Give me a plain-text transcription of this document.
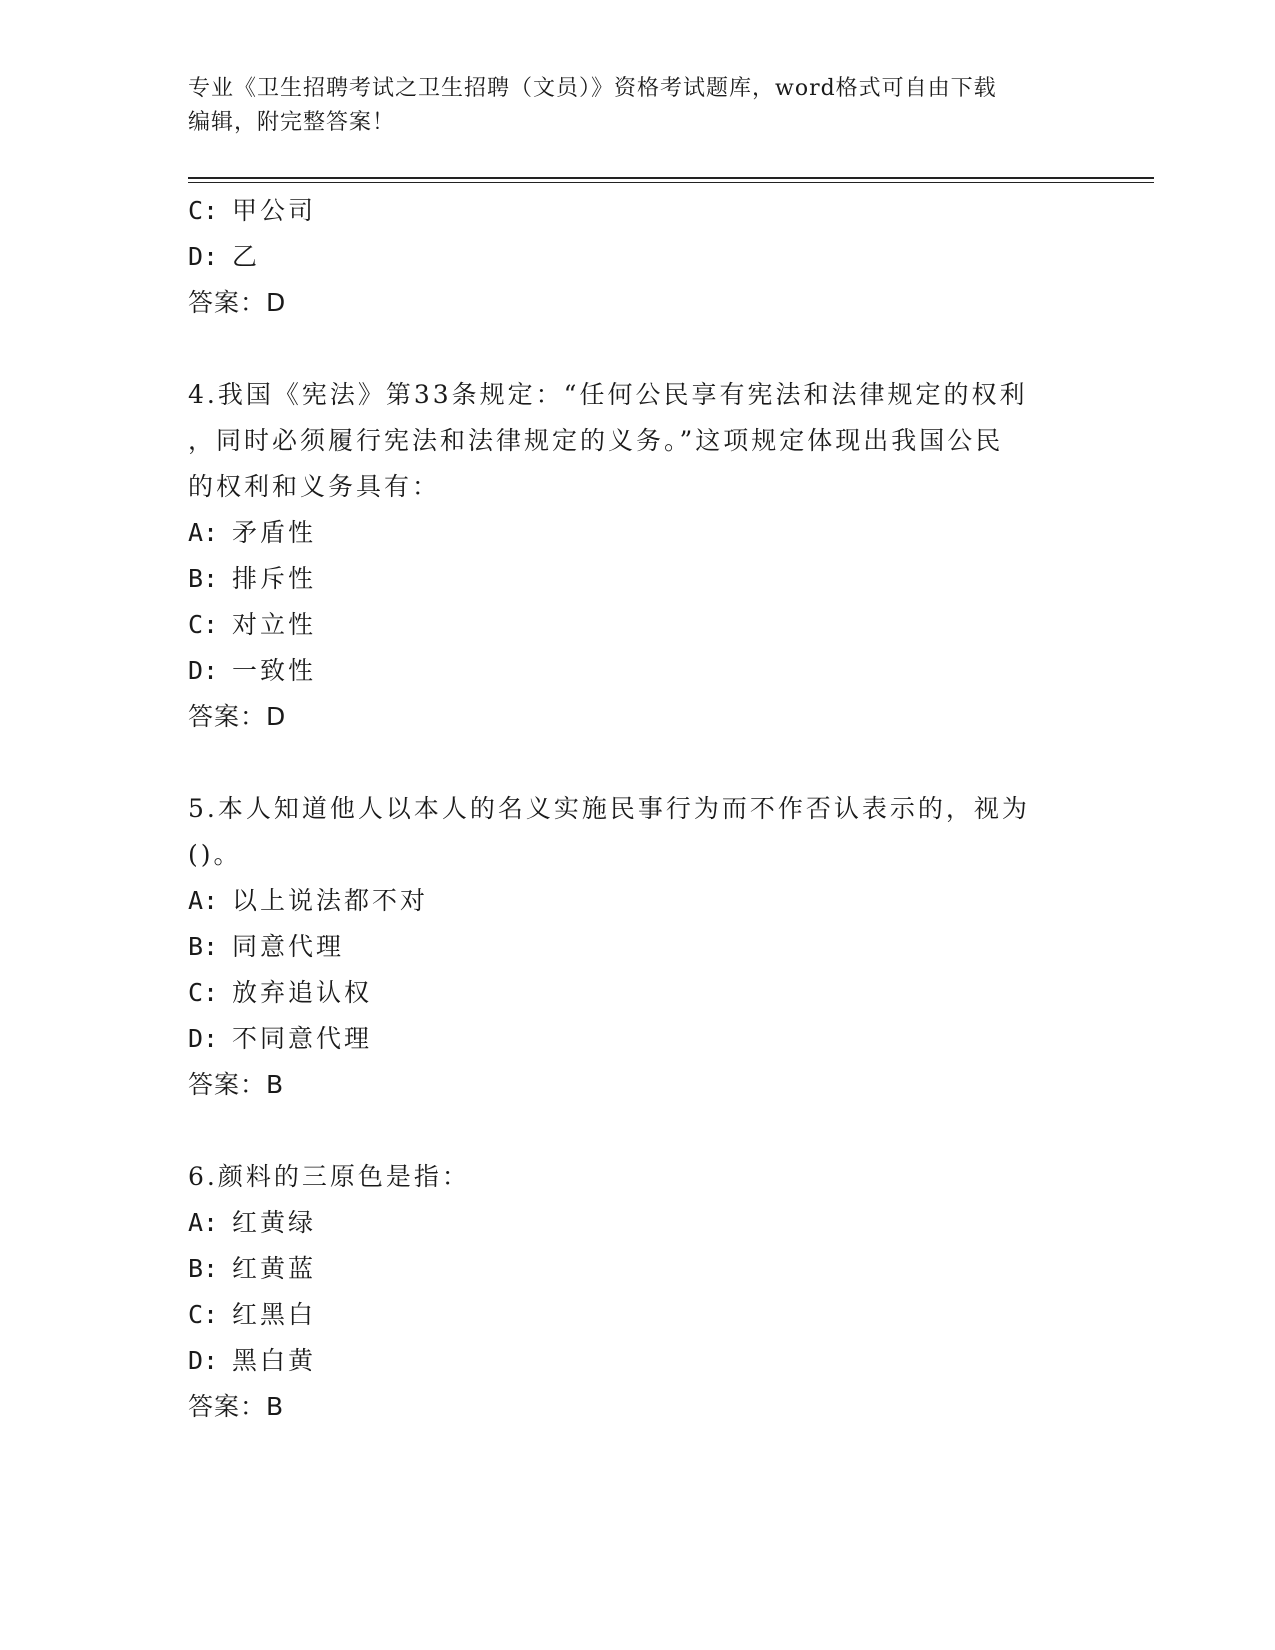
专业《卫生招聘考试之卫生招聘（文员）》资格考试题库，word格式可自由下载
编辑，附完整答案！
C: 甲公司
D: 乙
答案：D
4.我国《宪法》第33条规定：“任何公民享有宪法和法律规定的权利
，同时必须履行宪法和法律规定的义务。”这项规定体现出我国公民
的权利和义务具有：
A: 矛盾性
B: 排斥性
C: 对立性
D: 一致性
答案：D
5.本人知道他人以本人的名义实施民事行为而不作否认表示的，视为
()。
A: 以上说法都不对
B: 同意代理
C: 放弃追认权
D: 不同意代理
答案：B
6.颜料的三原色是指：
A: 红黄绿
B: 红黄蓝
C: 红黑白
D: 黑白黄
答案：B
